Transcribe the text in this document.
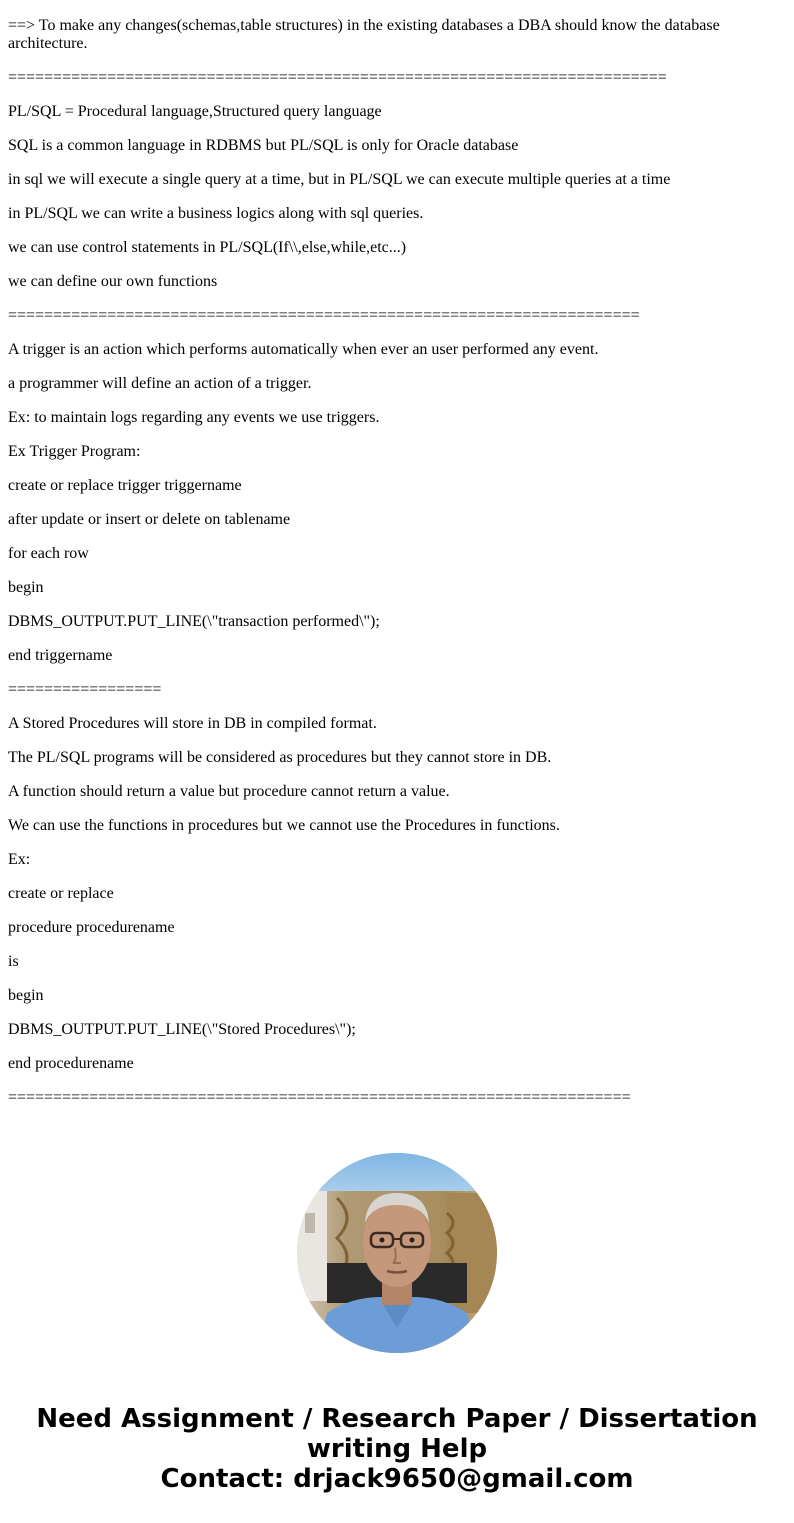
==> To make any changes(schemas,table structures) in the existing databases a DBA should know the database architecture.

=========================================================================

PL/SQL = Procedural language,Structured query language

SQL is a common language in RDBMS but PL/SQL is only for Oracle database

in sql we will execute a single query at a time, but in PL/SQL we can execute multiple queries at a time

in PL/SQL we can write a business logics along with sql queries.

we can use control statements in PL/SQL(If\\,else,while,etc...)

we can define our own functions

======================================================================

A trigger is an action which performs automatically when ever an user performed any event.

a programmer will define an action of a trigger.

Ex: to maintain logs regarding any events we use triggers.

Ex Trigger Program:

create or replace trigger triggername

after update or insert or delete on tablename

for each row

begin

DBMS_OUTPUT.PUT_LINE(\"transaction performed\");

end triggername

=================

A Stored Procedures will store in DB in compiled format.

The PL/SQL programs will be considered as procedures but they cannot store in DB.

A function should return a value but procedure cannot return a value.

We can use the functions in procedures but we cannot use the Procedures in functions.

Ex:

create or replace

procedure procedurename

is

begin

DBMS_OUTPUT.PUT_LINE(\"Stored Procedures\");

end procedurename

=====================================================================

Need Assignment / Research Paper / Dissertation
writing Help
Contact: drjack9650@gmail.com
